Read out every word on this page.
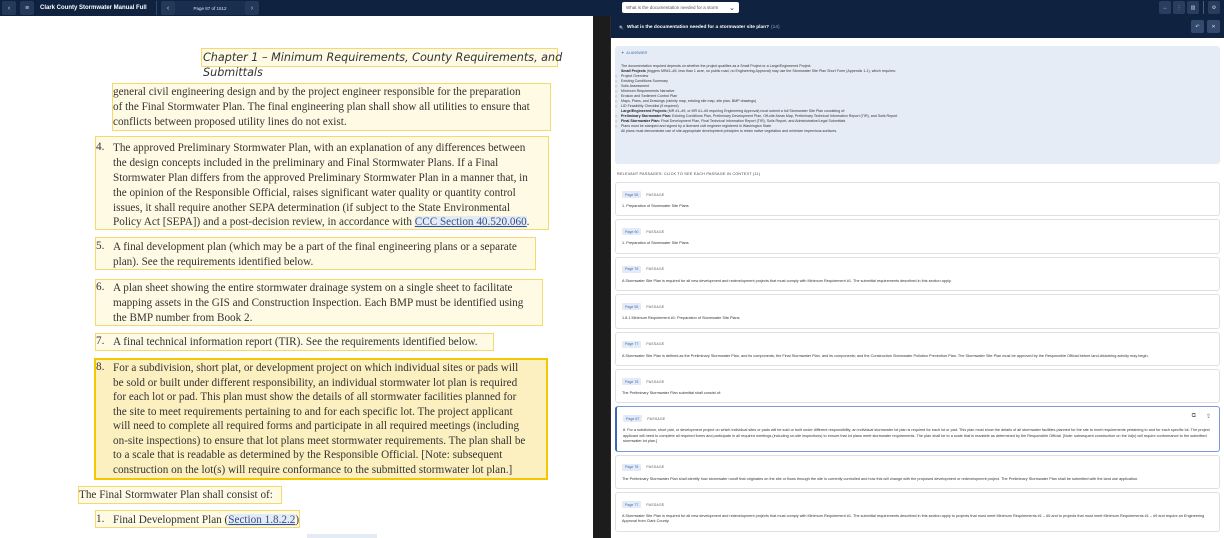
‹ ≡ Clark County Stormwater Manual Full	‹	Page 87 of 1512	›	What is the documentation needed for a storm ⌄	↔ ⋮ ▥	⚙
Chapter 1 – Minimum Requirements, County Requirements, and Submittals
general civil engineering design and by the project engineer responsible for the preparation
of the Final Stormwater Plan. The final engineering plan shall show all utilities to ensure that
conflicts between proposed utility lines do not exist.
4. The approved Preliminary Stormwater Plan, with an explanation of any differences between
the design concepts included in the preliminary and Final Stormwater Plans. If a Final
Stormwater Plan differs from the approved Preliminary Stormwater Plan in a manner that, in
the opinion of the Responsible Official, raises significant water quality or quantity control
issues, it shall require another SEPA determination (if subject to the State Environmental
Policy Act [SEPA]) and a post-decision review, in accordance with CCC Section 40.520.060.
5. A final development plan (which may be a part of the final engineering plans or a separate
plan). See the requirements identified below.
6. A plan sheet showing the entire stormwater drainage system on a single sheet to facilitate
mapping assets in the GIS and Construction Inspection. Each BMP must be identified using
the BMP number from Book 2.
7. A final technical information report (TIR). See the requirements identified below.
8. For a subdivision, short plat, or development project on which individual sites or pads will
be sold or built under different responsibility, an individual stormwater lot plan is required
for each lot or pad. This plan must show the details of all stormwater facilities planned for
the site to meet requirements pertaining to and for each specific lot. The project applicant
will need to complete all required forms and participate in all required meetings (including
on-site inspections) to ensure that lot plans meet stormwater requirements. The plan shall be
to a scale that is readable as determined by the Responsible Official. [Note: subsequent
construction on the lot(s) will require conformance to the submitted stormwater lot plan.]
The Final Stormwater Plan shall consist of:
1. Final Development Plan (Section 1.8.2.2)
🔍 What is the documentation needed for a stormwater site plan? (14)	↶ ✕
✦ AI ANSWER
The documentation required depends on whether the project qualifies as a Small Project or a Large/Engineered Project.
Small Projects (triggers MR#1–#5, less than 1 acre, no public road, no Engineering Approval) may use the Stormwater Site Plan Short Form (Appendix 1-1), which requires:
◇ Project Overview
◇ Existing Conditions Summary
◇ Soils Assessment
◇ Minimum Requirements Narrative
◇ Erosion and Sediment Control Plan
◇ Maps, Plans, and Drawings (vicinity map, existing site map, site plan, BMP drawings)
◇ LID Feasibility Checklist (if required)
Large/Engineered Projects (MR #1–#9, or MR #1–#5 requiring Engineering Approval) must submit a full Stormwater Site Plan consisting of:
◇ Preliminary Stormwater Plan: Existing Conditions Plan, Preliminary Development Plan, Off-site Areas Map, Preliminary Technical Information Report (TIR), and Soils Report
◇ Final Stormwater Plan: Final Development Plan, Final Technical Information Report (TIR), Soils Report, and Administrative/Legal Submittals
◇ Plans must be stamped and signed by a licensed civil engineer registered in Washington State
All plans must demonstrate use of site-appropriate development principles to retain native vegetation and minimize impervious surfaces.
RELEVANT PASSAGES: CLICK TO SEE EACH PASSAGE IN CONTEXT (11)
Page 55	PASSAGE
1. Preparation of Stormwater Site Plans
Page 90	PASSAGE
1. Preparation of Stormwater Site Plans
Page 76	PASSAGE
A Stormwater Site Plan is required for all new development and redevelopment projects that must comply with Minimum Requirement #1. The submittal requirements described in this section apply.
Page 55	PASSAGE
1.8.1 Minimum Requirement #1: Preparation of Stormwater Site Plans
Page 77	PASSAGE
A Stormwater Site Plan is defined as the Preliminary Stormwater Plan, and its components; the Final Stormwater Plan, and its components; and the Construction Stormwater Pollution Prevention Plan. The Stormwater Site Plan must be approved by the Responsible Official before land-disturbing activity may begin.
Page 78	PASSAGE
The Preliminary Stormwater Plan submittal shall consist of:
⧉ ⇪
Page 87	PASSAGE
8. For a subdivision, short plat, or development project on which individual sites or pads will be sold or built under different responsibility, an individual stormwater lot plan is required for each lot or pad. This plan must show the details of all stormwater facilities planned for the site to meet requirements pertaining to and for each specific lot. The project applicant will need to complete all required forms and participate in all required meetings (including on-site inspections) to ensure that lot plans meet stormwater requirements. The plan shall be to a scale that is readable as determined by the Responsible Official. [Note: subsequent construction on the lot(s) will require conformance to the submitted stormwater lot plan.]
Page 78	PASSAGE
The Preliminary Stormwater Plan shall identify how stormwater runoff that originates on the site or flows through the site is currently controlled and how this will change with the proposed development or redevelopment project. The Preliminary Stormwater Plan shall be submitted with the land use application.
Page 77	PASSAGE
A Stormwater Site Plan is required for all new development and redevelopment projects that must comply with Minimum Requirement #1. The submittal requirements described in this section apply to projects that must meet Minimum Requirements #1 – #5 and to projects that must meet Minimum Requirements #1 – #9 and require an Engineering Approval from Clark County.
